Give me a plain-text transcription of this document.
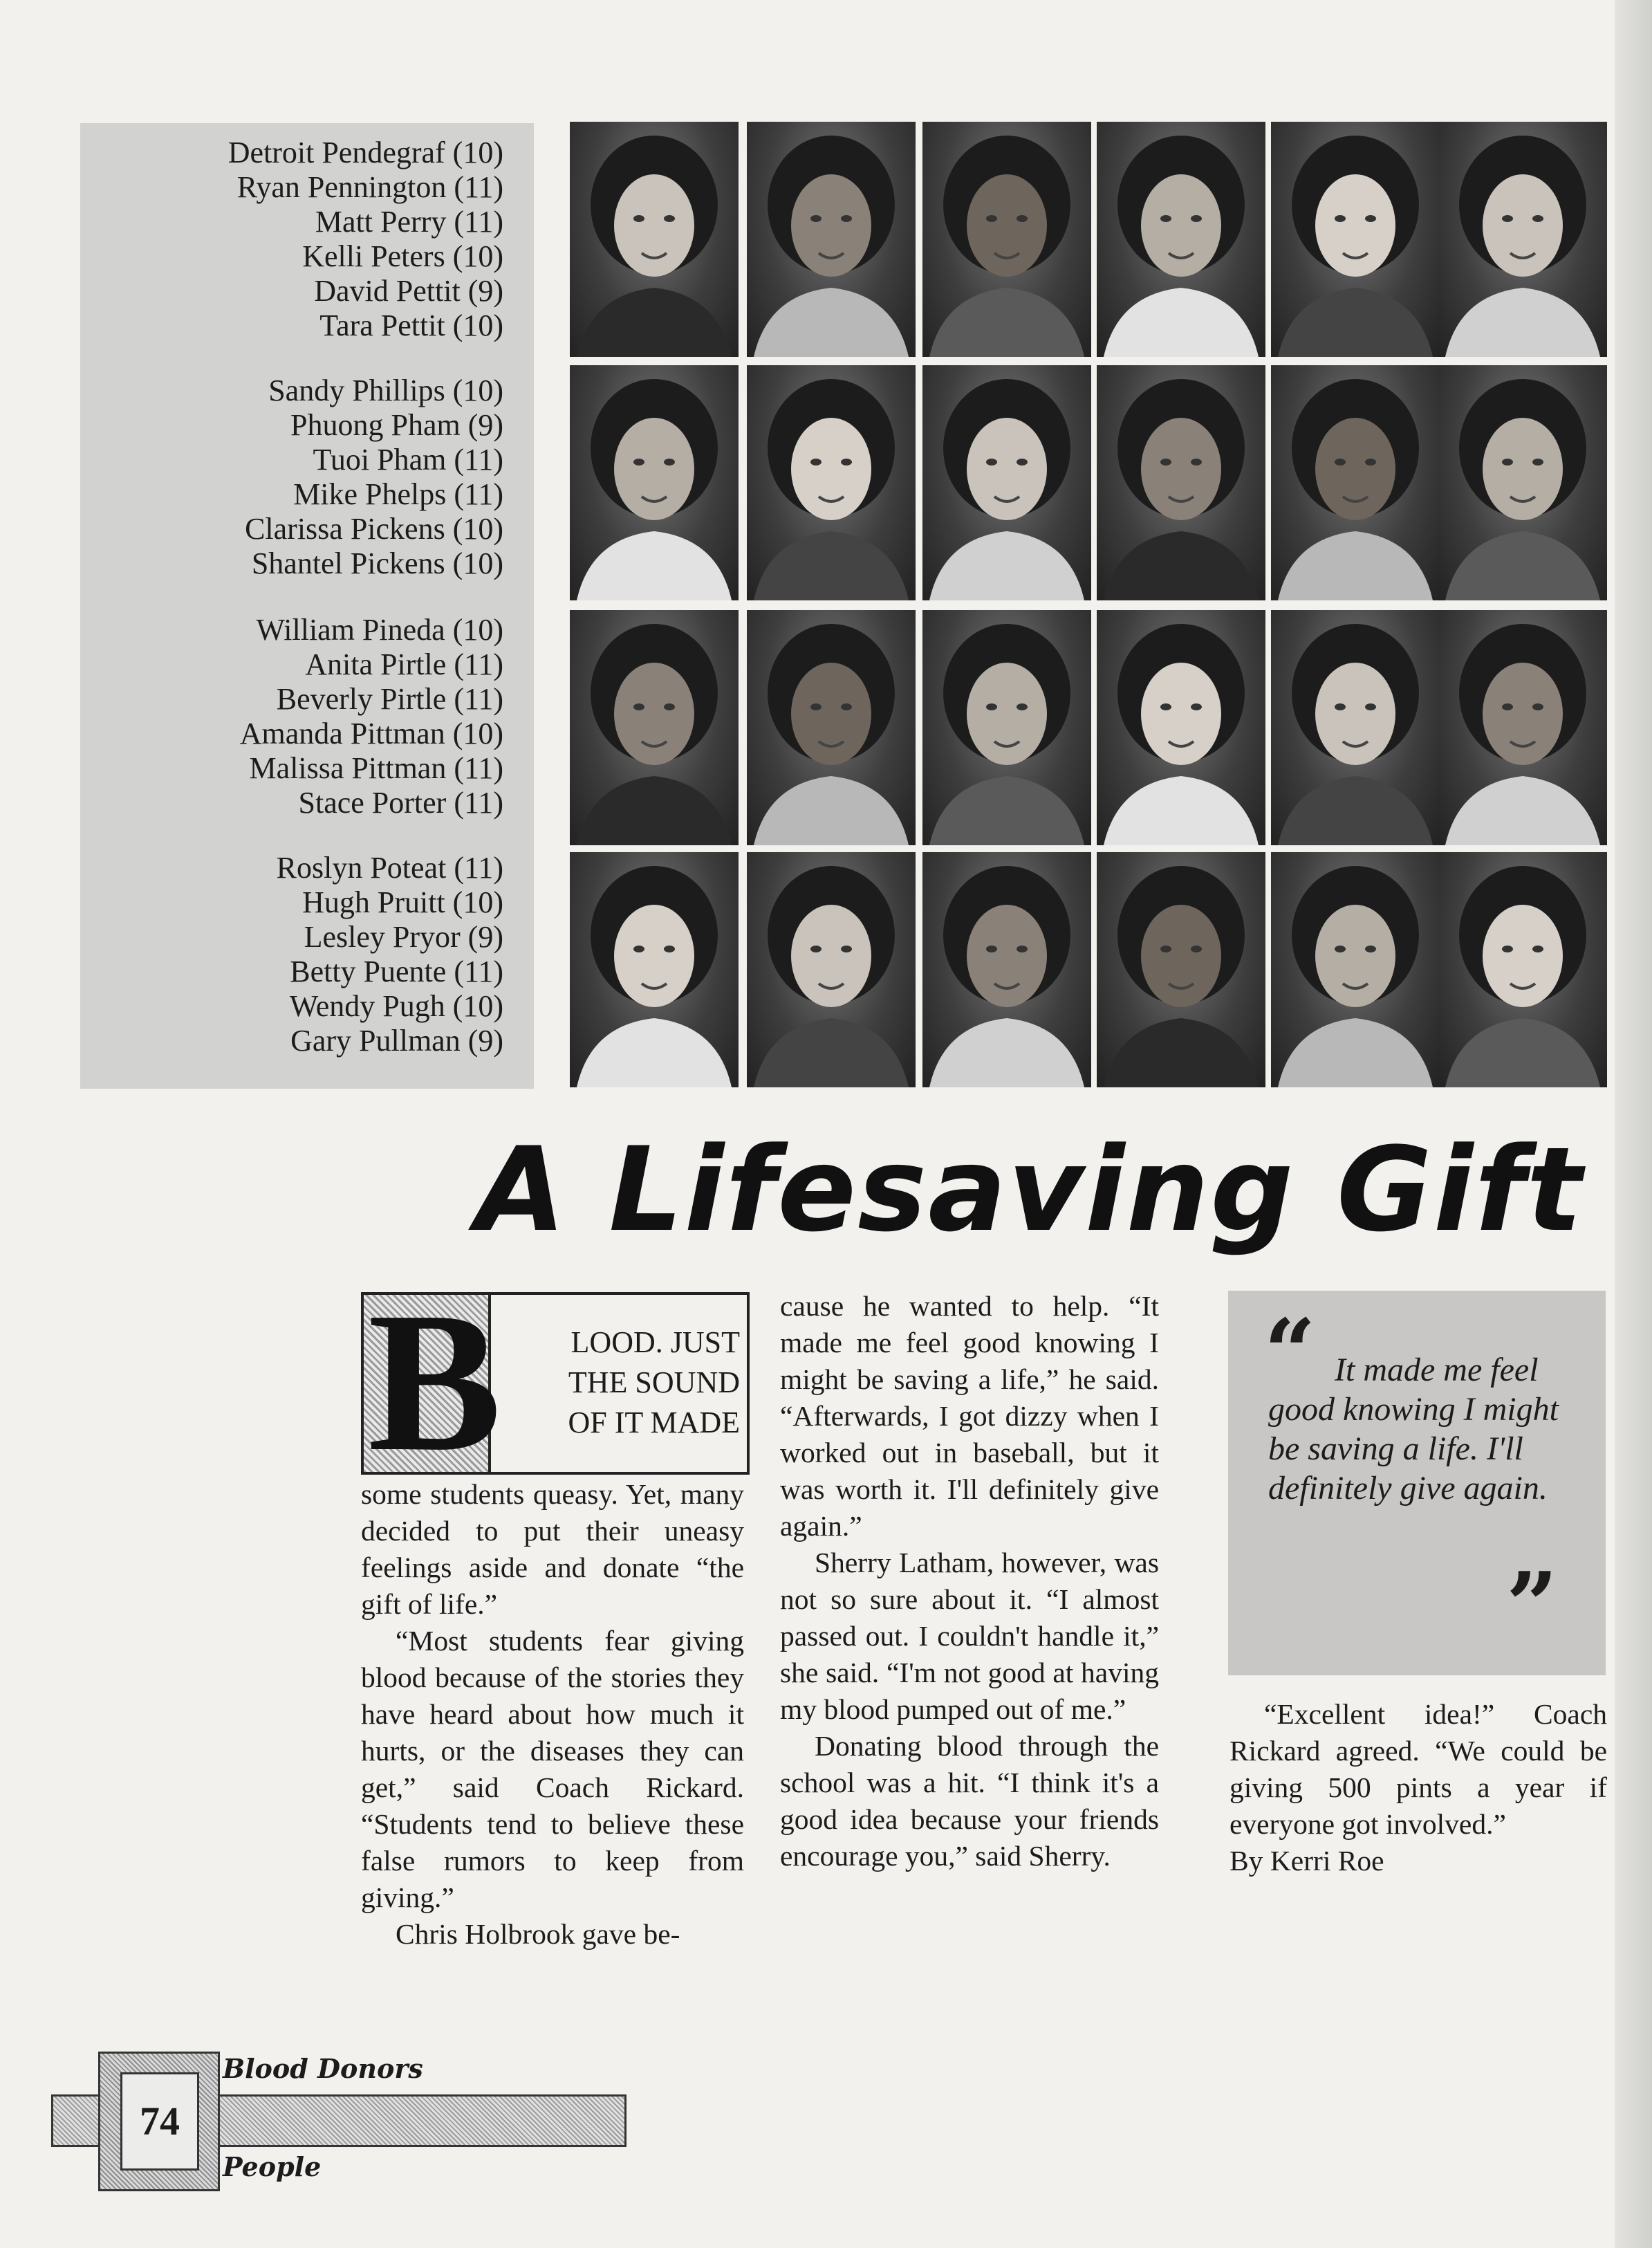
Detroit Pendegraf (10)
Ryan Pennington (11)
Matt Perry (11)
Kelli Peters (10)
David Pettit (9)
Tara Pettit (10)
Sandy Phillips (10)
Phuong Pham (9)
Tuoi Pham (11)
Mike Phelps (11)
Clarissa Pickens (10)
Shantel Pickens (10)
William Pineda (10)
Anita Pirtle (11)
Beverly Pirtle (11)
Amanda Pittman (10)
Malissa Pittman (11)
Stace Porter (11)
Roslyn Poteat (11)
Hugh Pruitt (10)
Lesley Pryor (9)
Betty Puente (11)
Wendy Pugh (10)
Gary Pullman (9)
A Lifesaving Gift
B	LOOD. JUST
THE SOUND
OF IT MADE

some students queasy. Yet, many decided to put their uneasy feelings aside and donate “the gift of life.”

“Most students fear giving blood because of the stories they have heard about how much it hurts, or the diseases they can get,” said Coach Rickard. “Students tend to believe these false rumors to keep from giving.”

Chris Holbrook gave be-

cause he wanted to help. “It made me feel good knowing I might be saving a life,” he said. “Afterwards, I got dizzy when I worked out in baseball, but it was worth it. I'll definitely give again.”

Sherry Latham, however, was not so sure about it. “I almost passed out. I couldn't handle it,” she said. “I'm not good at having my blood pumped out of me.”

Donating blood through the school was a hit. “I think it's a good idea because your friends encourage you,” said Sherry.

“
”
It made me feel good knowing I might be saving a life. I'll definitely give again.

“Excellent idea!” Coach Rickard agreed. “We could be giving 500 pints a year if everyone got involved.”

By Kerri Roe

74
Blood Donors
People
